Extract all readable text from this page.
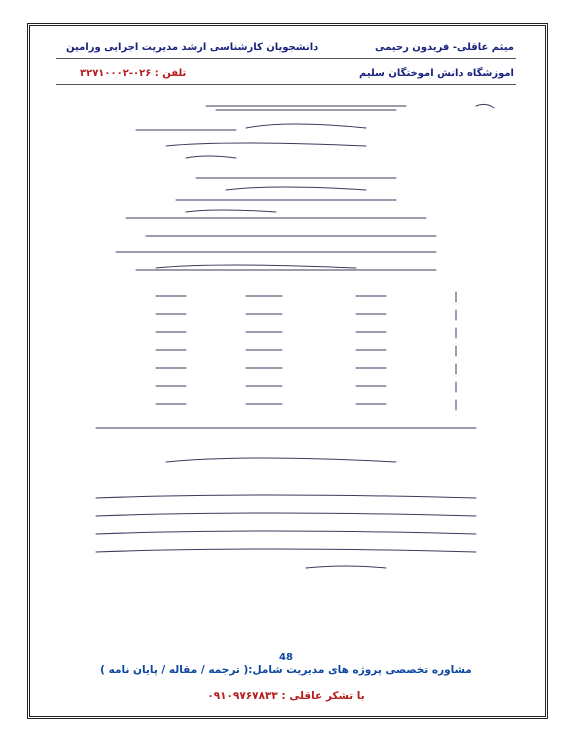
میثم عاقلی- فریدون رحیمی
دانشجویان کارشناسی ارشد مدیریت اجرایی ورامین
اموزشگاه دانش اموختگان سلیم
تلفن : ۰۲۶-۳۲۷۱۰۰۰۲
48
مشاوره تخصصی پروژه های مدیریت شامل:( ترجمه / مقاله / پایان نامه )
با تشکر عاقلی : ۰۹۱۰۹۷۶۷۸۳۳
